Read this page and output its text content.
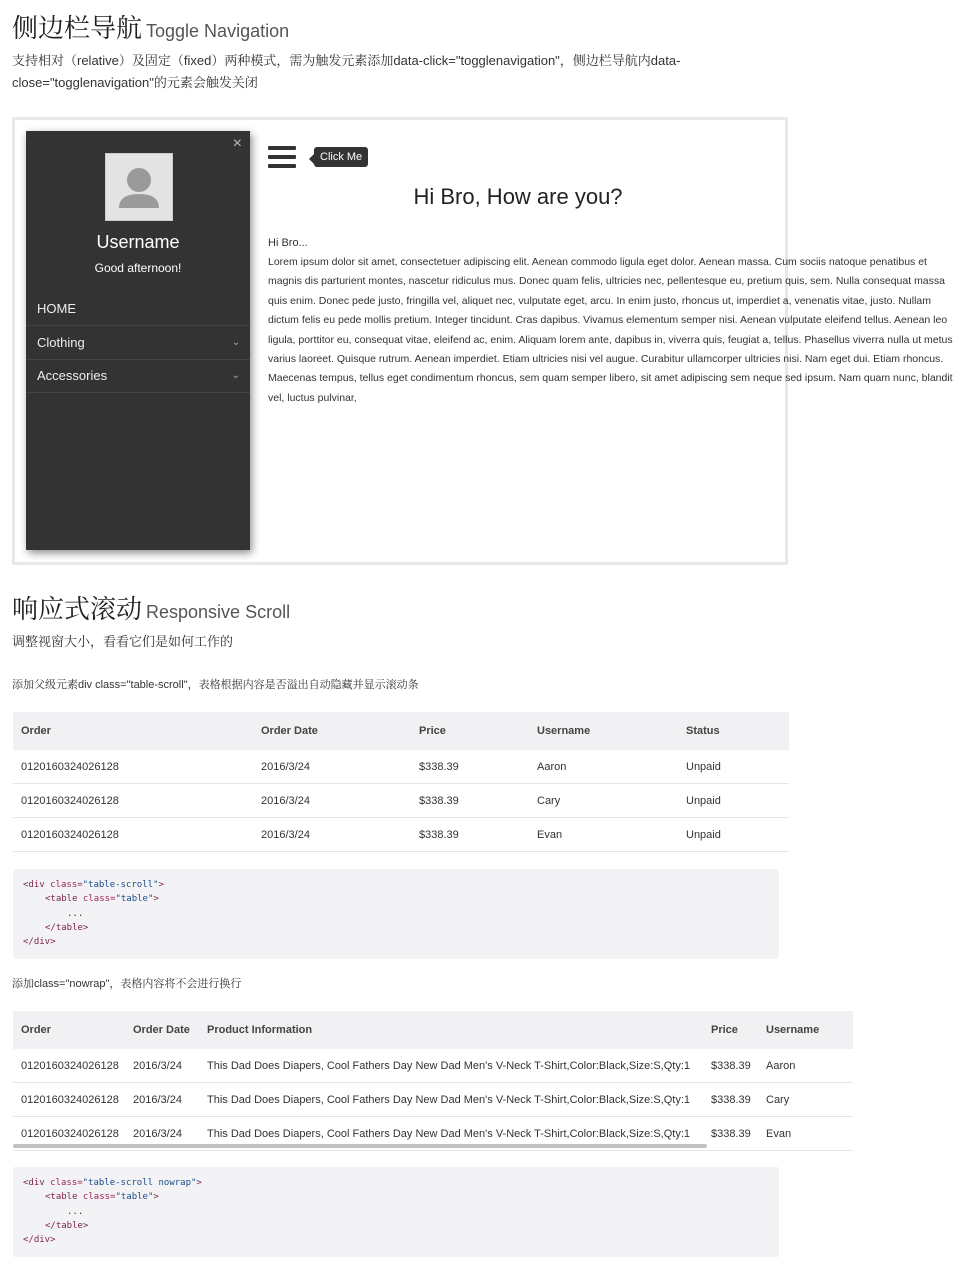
侧边栏导航 Toggle Navigation
支持相对（relative）及固定（fixed）两种模式，需为触发元素添加data-click="togglenavigation"，侧边栏导航内data-
close="togglenavigation"的元素会触发关闭
×
Username
Good afternoon!
HOME
Clothing	⌄
Accessories	⌄
Click Me
Hi Bro, How are you?
Hi Bro...
Lorem ipsum dolor sit amet, consectetuer adipiscing elit. Aenean commodo ligula eget dolor. Aenean massa. Cum sociis natoque penatibus et
magnis dis parturient montes, nascetur ridiculus mus. Donec quam felis, ultricies nec, pellentesque eu, pretium quis, sem. Nulla consequat massa
quis enim. Donec pede justo, fringilla vel, aliquet nec, vulputate eget, arcu. In enim justo, rhoncus ut, imperdiet a, venenatis vitae, justo. Nullam
dictum felis eu pede mollis pretium. Integer tincidunt. Cras dapibus. Vivamus elementum semper nisi. Aenean vulputate eleifend tellus. Aenean leo
ligula, porttitor eu, consequat vitae, eleifend ac, enim. Aliquam lorem ante, dapibus in, viverra quis, feugiat a, tellus. Phasellus viverra nulla ut metus
varius laoreet. Quisque rutrum. Aenean imperdiet. Etiam ultricies nisi vel augue. Curabitur ullamcorper ultricies nisi. Nam eget dui. Etiam rhoncus.
Maecenas tempus, tellus eget condimentum rhoncus, sem quam semper libero, sit amet adipiscing sem neque sed ipsum. Nam quam nunc, blandit
vel, luctus pulvinar,
响应式滚动 Responsive Scroll
调整视窗大小，看看它们是如何工作的
添加父级元素div class="table-scroll"，表格根据内容是否溢出自动隐藏并显示滚动条
Order	Order Date	Price	Username	Status
0120160324026128	2016/3/24	$338.39	Aaron	Unpaid
0120160324026128	2016/3/24	$338.39	Cary	Unpaid
0120160324026128	2016/3/24	$338.39	Evan	Unpaid
<div class="table-scroll">
<table class="table">
...
</table>
</div>
添加class="nowrap"，表格内容将不会进行换行
Order	Order Date	Product Information	Price	Username
0120160324026128	2016/3/24	This Dad Does Diapers, Cool Fathers Day New Dad Men's V-Neck T-Shirt,Color:Black,Size:S,Qty:1	$338.39	Aaron
0120160324026128	2016/3/24	This Dad Does Diapers, Cool Fathers Day New Dad Men's V-Neck T-Shirt,Color:Black,Size:S,Qty:1	$338.39	Cary
0120160324026128	2016/3/24	This Dad Does Diapers, Cool Fathers Day New Dad Men's V-Neck T-Shirt,Color:Black,Size:S,Qty:1	$338.39	Evan
<div class="table-scroll nowrap">
<table class="table">
...
</table>
</div>
